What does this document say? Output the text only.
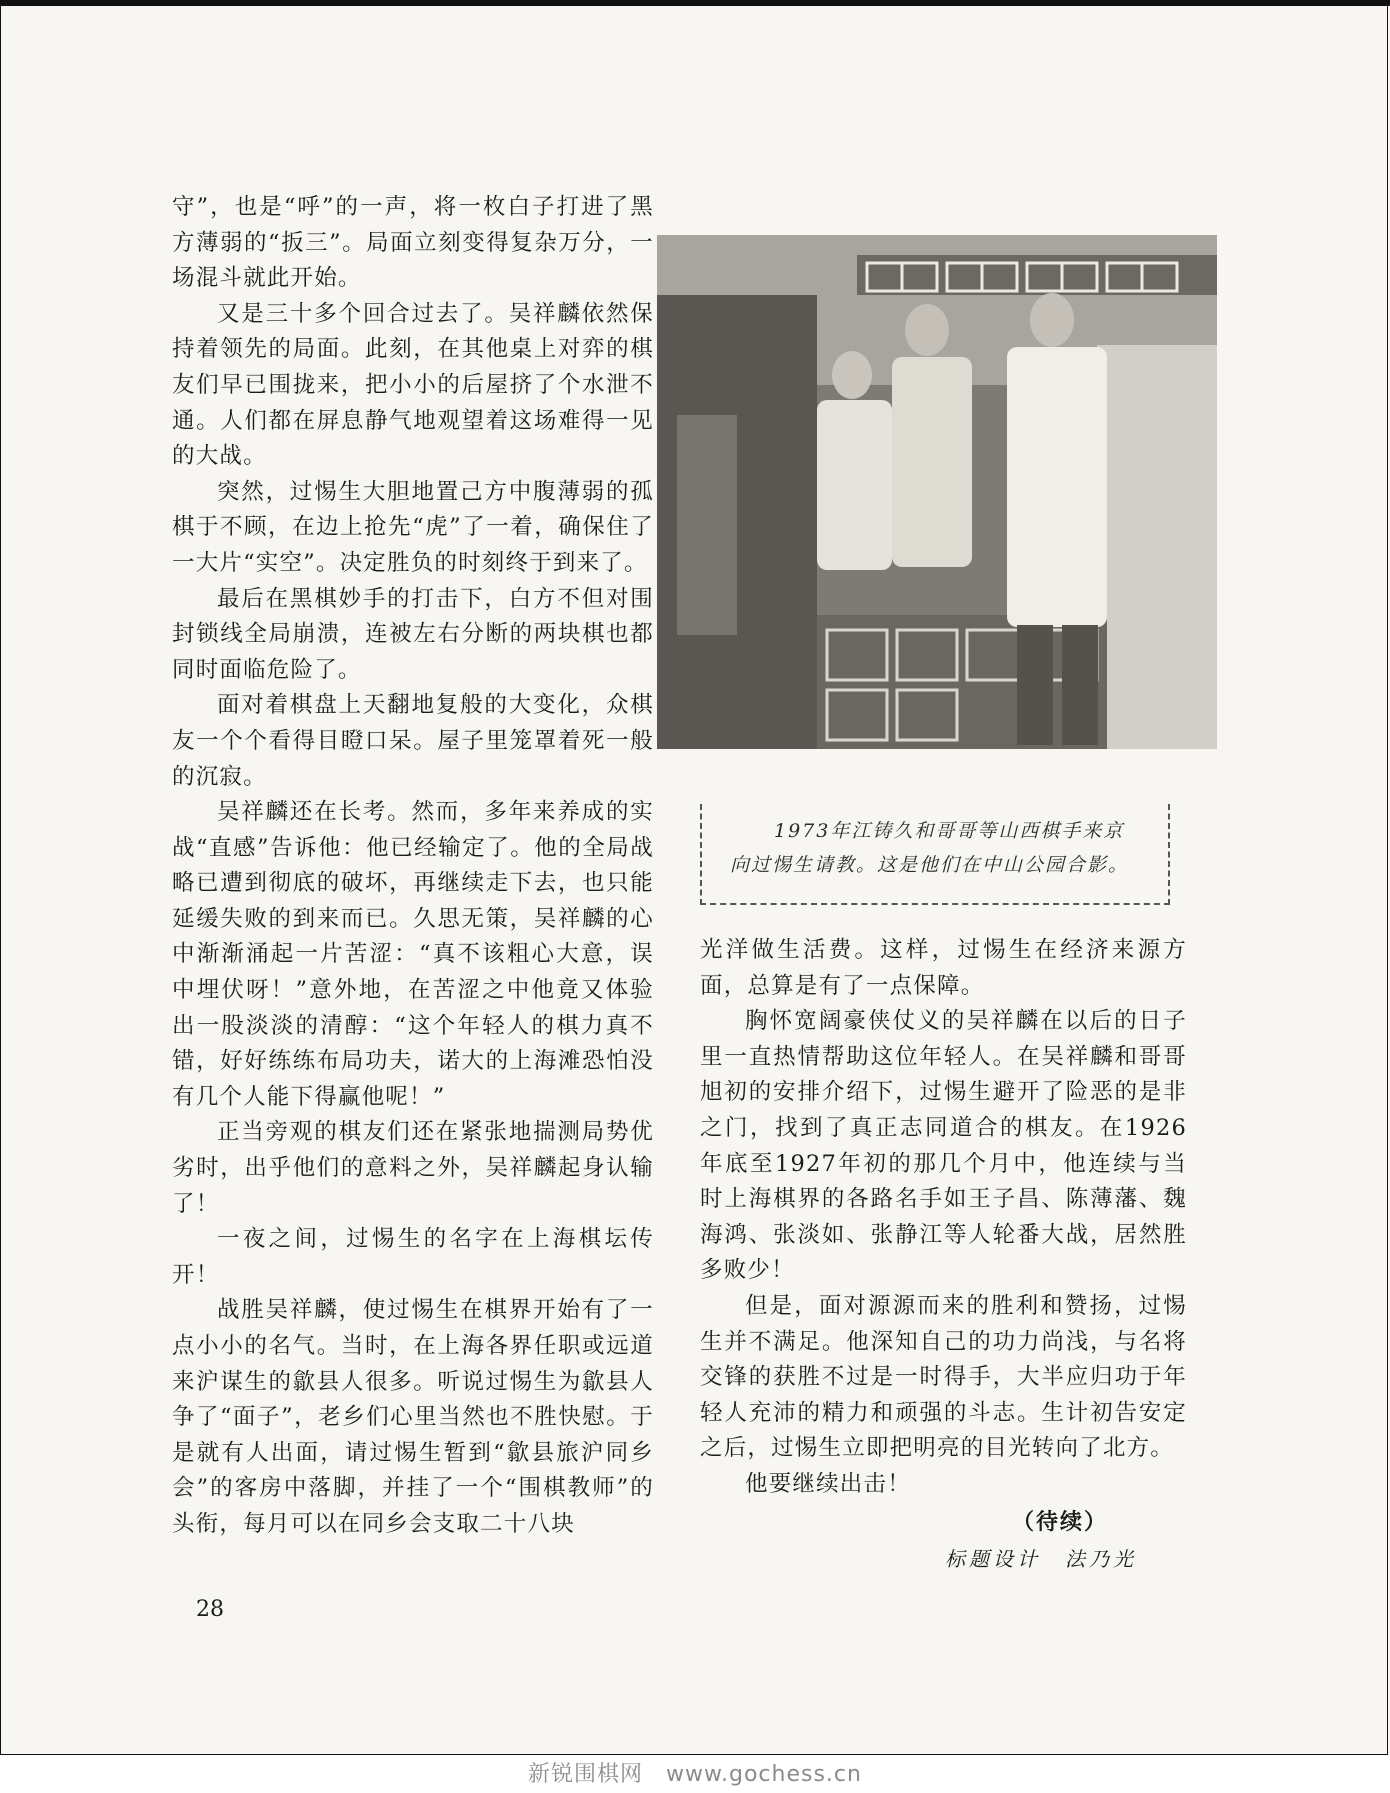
守”，也是“呼”的一声，将一枚白子打进了黑方薄弱的“扳三”。局面立刻变得复杂万分，一场混斗就此开始。

又是三十多个回合过去了。吴祥麟依然保持着领先的局面。此刻，在其他桌上对弈的棋友们早已围拢来，把小小的后屋挤了个水泄不通。人们都在屏息静气地观望着这场难得一见的大战。

突然，过惕生大胆地置己方中腹薄弱的孤棋于不顾，在边上抢先“虎”了一着，确保住了一大片“实空”。决定胜负的时刻终于到来了。

最后在黑棋妙手的打击下，白方不但对围封锁线全局崩溃，连被左右分断的两块棋也都同时面临危险了。

面对着棋盘上天翻地复般的大变化，众棋友一个个看得目瞪口呆。屋子里笼罩着死一般的沉寂。

吴祥麟还在长考。然而，多年来养成的实战“直感”告诉他：他已经输定了。他的全局战略已遭到彻底的破坏，再继续走下去，也只能延缓失败的到来而已。久思无策，吴祥麟的心中渐渐涌起一片苦涩：“真不该粗心大意，误中埋伏呀！”意外地，在苦涩之中他竟又体验出一股淡淡的清醇：“这个年轻人的棋力真不错，好好练练布局功夫，诺大的上海滩恐怕没有几个人能下得赢他呢！”

正当旁观的棋友们还在紧张地揣测局势优劣时，出乎他们的意料之外，吴祥麟起身认输了！

一夜之间，过惕生的名字在上海棋坛传开！

战胜吴祥麟，使过惕生在棋界开始有了一点小小的名气。当时，在上海各界任职或远道来沪谋生的歙县人很多。听说过惕生为歙县人争了“面子”，老乡们心里当然也不胜快慰。于是就有人出面，请过惕生暂到“歙县旅沪同乡会”的客房中落脚，并挂了一个“围棋教师”的头衔，每月可以在同乡会支取二十八块

1973年江铸久和哥哥等山西棋手来京
向过惕生请教。这是他们在中山公园合影。

光洋做生活费。这样，过惕生在经济来源方面，总算是有了一点保障。

胸怀宽阔豪侠仗义的吴祥麟在以后的日子里一直热情帮助这位年轻人。在吴祥麟和哥哥旭初的安排介绍下，过惕生避开了险恶的是非之门，找到了真正志同道合的棋友。在1926年底至1927年初的那几个月中，他连续与当时上海棋界的各路名手如王子昌、陈薄藩、魏海鸿、张淡如、张静江等人轮番大战，居然胜多败少！

但是，面对源源而来的胜利和赞扬，过惕生并不满足。他深知自己的功力尚浅，与名将交锋的获胜不过是一时得手，大半应归功于年轻人充沛的精力和顽强的斗志。生计初告安定之后，过惕生立即把明亮的目光转向了北方。

他要继续出击！

（待续）
标题设计　法乃光
28
新锐围棋网　www.gochess.cn
